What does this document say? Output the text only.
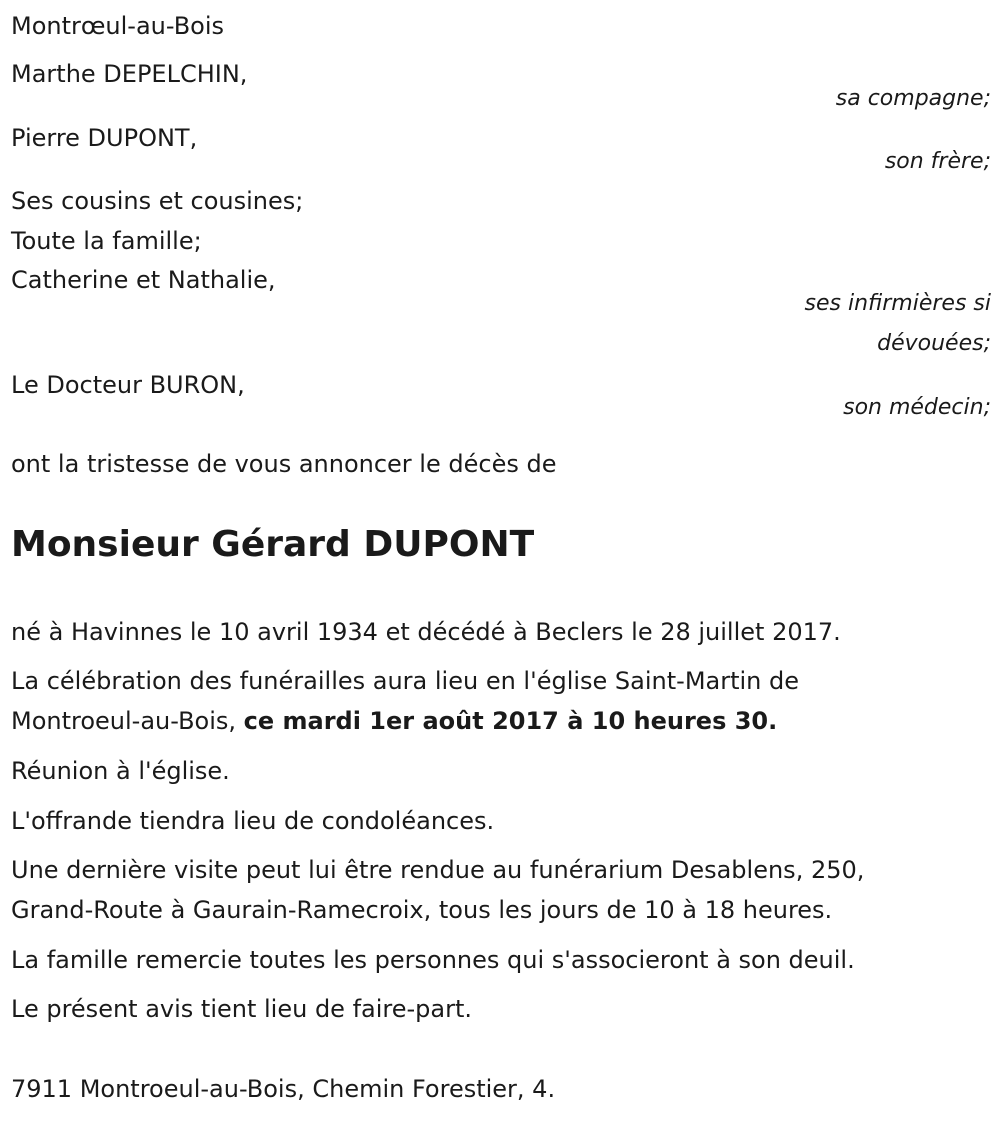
Montrœul-au-Bois
Marthe DEPELCHIN,
sa compagne;
Pierre DUPONT,
son frère;
Ses cousins et cousines;
Toute la famille;
Catherine et Nathalie,
ses infirmières si
dévouées;
Le Docteur BURON,
son médecin;
ont la tristesse de vous annoncer le décès de
Monsieur Gérard DUPONT
né à Havinnes le 10 avril 1934 et décédé à Beclers le 28 juillet 2017.
La célébration des funérailles aura lieu en l'église Saint-Martin de
Montroeul-au-Bois, ce mardi 1er août 2017 à 10 heures 30.
Réunion à l'église.
L'offrande tiendra lieu de condoléances.
Une dernière visite peut lui être rendue au funérarium Desablens, 250,
Grand-Route à Gaurain-Ramecroix, tous les jours de 10 à 18 heures.
La famille remercie toutes les personnes qui s'associeront à son deuil.
Le présent avis tient lieu de faire-part.
7911 Montroeul-au-Bois, Chemin Forestier, 4.
